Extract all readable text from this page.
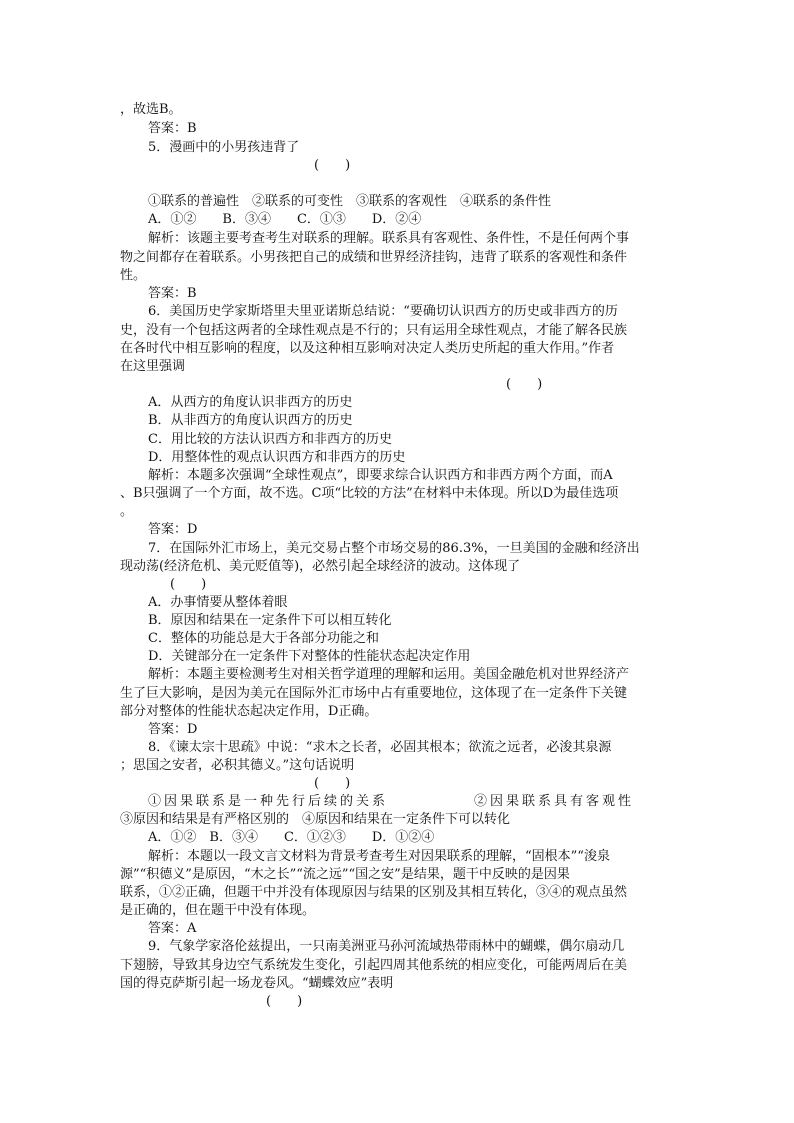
，故选B。
答案：B
5．漫画中的小男孩违背了
(　　)
①联系的普遍性　②联系的可变性　③联系的客观性　④联系的条件性
A．①②　　B．③④　　C．①③　　D．②④
解析：该题主要考查考生对联系的理解。联系具有客观性、条件性，不是任何两个事
物之间都存在着联系。小男孩把自己的成绩和世界经济挂钩，违背了联系的客观性和条件
性。
答案：B
6．美国历史学家斯塔里夫里亚诺斯总结说：“要确切认识西方的历史或非西方的历
史，没有一个包括这两者的全球性观点是不行的；只有运用全球性观点，才能了解各民族
在各时代中相互影响的程度，以及这种相互影响对决定人类历史所起的重大作用。”作者
在这里强调
(　　)
A．从西方的角度认识非西方的历史
B．从非西方的角度认识西方的历史
C．用比较的方法认识西方和非西方的历史
D．用整体性的观点认识西方和非西方的历史
解析：本题多次强调“全球性观点”，即要求综合认识西方和非西方两个方面，而A
、B只强调了一个方面，故不选。C项“比较的方法”在材料中未体现。所以D为最佳选项
。
答案：D
7．在国际外汇市场上，美元交易占整个市场交易的86.3%，一旦美国的金融和经济出
现动荡(经济危机、美元贬值等)，必然引起全球经济的波动。这体现了
(　　)
A．办事情要从整体着眼
B．原因和结果在一定条件下可以相互转化
C．整体的功能总是大于各部分功能之和
D．关键部分在一定条件下对整体的性能状态起决定作用
解析：本题主要检测考生对相关哲学道理的理解和运用。美国金融危机对世界经济产
生了巨大影响，是因为美元在国际外汇市场中占有重要地位，这体现了在一定条件下关键
部分对整体的性能状态起决定作用，D正确。
答案：D
8．《谏太宗十思疏》中说：“求木之长者，必固其根本；欲流之远者，必浚其泉源
；思国之安者，必积其德义。”这句话说明
(　　)
①因果联系是一种先行后续的关系	②因果联系具有客观性
③原因和结果是有严格区别的　④原因和结果在一定条件下可以转化
A．①②　B．③④　　C．①②③　　D．①②④
解析：本题以一段文言文材料为背景考查考生对因果联系的理解，“固根本”“浚泉
源”“积德义”是原因，“木之长”“流之远”“国之安”是结果，题干中反映的是因果
联系，①②正确，但题干中并没有体现原因与结果的区别及其相互转化，③④的观点虽然
是正确的，但在题干中没有体现。
答案：A
9．气象学家洛伦兹提出，一只南美洲亚马孙河流域热带雨林中的蝴蝶，偶尔扇动几
下翅膀，导致其身边空气系统发生变化，引起四周其他系统的相应变化，可能两周后在美
国的得克萨斯引起一场龙卷风。“蝴蝶效应”表明
(　　)
